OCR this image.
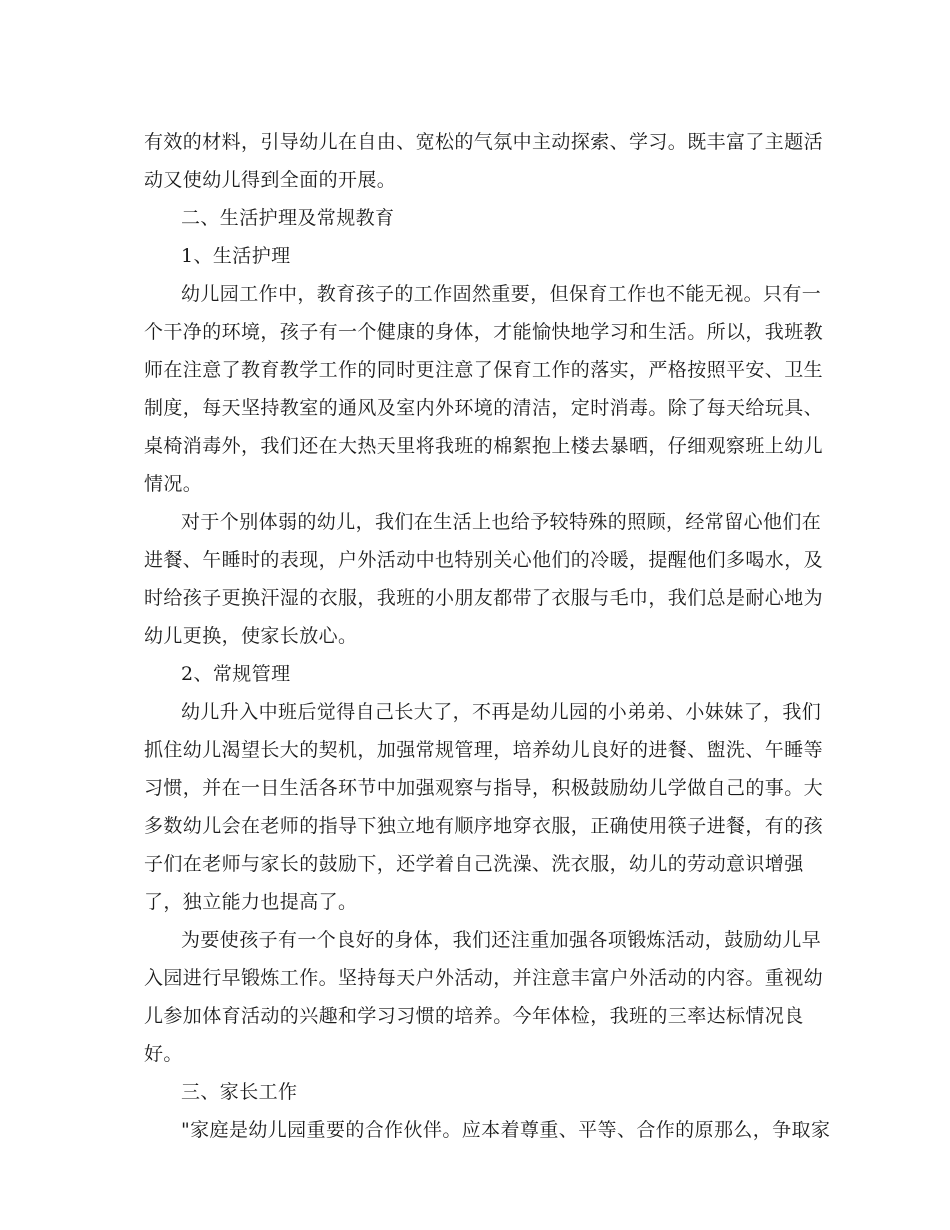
有效的材料，引导幼儿在自由、宽松的气氛中主动探索、学习。既丰富了主题活
动又使幼儿得到全面的开展。
二、生活护理及常规教育
1、生活护理
幼儿园工作中，教育孩子的工作固然重要，但保育工作也不能无视。只有一
个干净的环境，孩子有一个健康的身体，才能愉快地学习和生活。所以，我班教
师在注意了教育教学工作的同时更注意了保育工作的落实，严格按照平安、卫生
制度，每天坚持教室的通风及室内外环境的清洁，定时消毒。除了每天给玩具、
桌椅消毒外，我们还在大热天里将我班的棉絮抱上楼去暴晒，仔细观察班上幼儿
情况。
对于个别体弱的幼儿，我们在生活上也给予较特殊的照顾，经常留心他们在
进餐、午睡时的表现，户外活动中也特别关心他们的冷暖，提醒他们多喝水，及
时给孩子更换汗湿的衣服，我班的小朋友都带了衣服与毛巾，我们总是耐心地为
幼儿更换，使家长放心。
2、常规管理
幼儿升入中班后觉得自己长大了，不再是幼儿园的小弟弟、小妹妹了，我们
抓住幼儿渴望长大的契机，加强常规管理，培养幼儿良好的进餐、盥洗、午睡等
习惯，并在一日生活各环节中加强观察与指导，积极鼓励幼儿学做自己的事。大
多数幼儿会在老师的指导下独立地有顺序地穿衣服，正确使用筷子进餐，有的孩
子们在老师与家长的鼓励下，还学着自己洗澡、洗衣服，幼儿的劳动意识增强
了，独立能力也提高了。
为要使孩子有一个良好的身体，我们还注重加强各项锻炼活动，鼓励幼儿早
入园进行早锻炼工作。坚持每天户外活动，并注意丰富户外活动的内容。重视幼
儿参加体育活动的兴趣和学习习惯的培养。今年体检，我班的三率达标情况良
好。
三、家长工作
"家庭是幼儿园重要的合作伙伴。应本着尊重、平等、合作的原那么，争取家
